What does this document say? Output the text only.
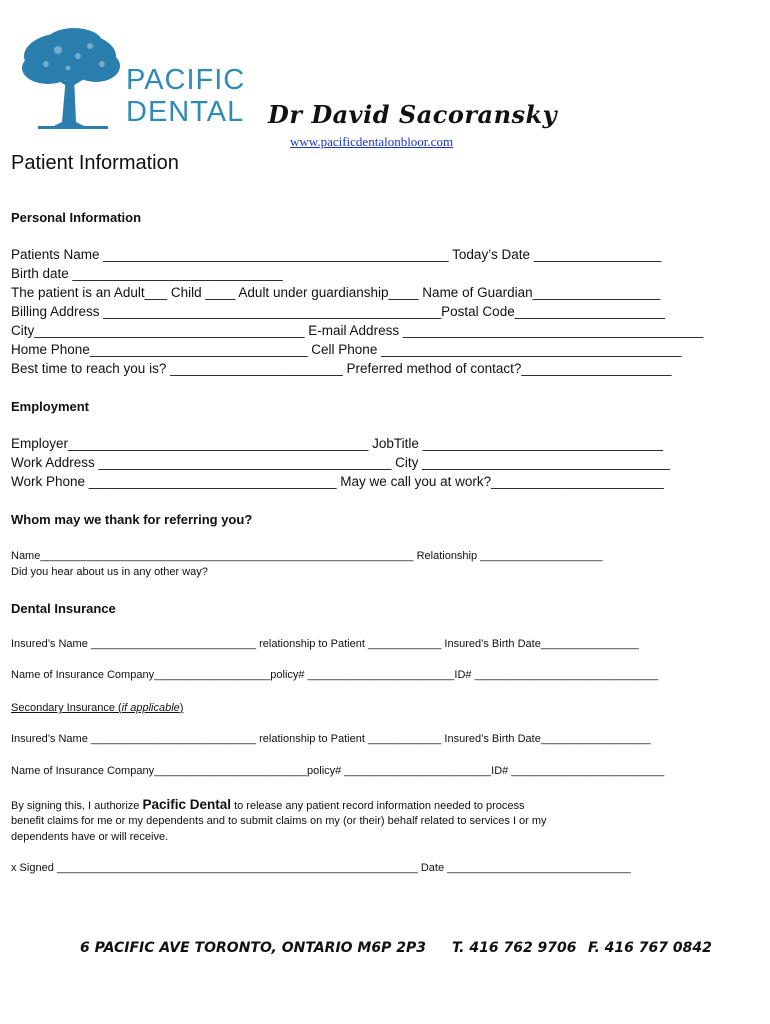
PACIFIC
DENTAL Dr David Sacoransky
www.pacificdentalonbloor.com
Patient Information
Personal Information
Patients Name ______________________________________________ Today’s Date _________________
Birth date ____________________________
The patient is an Adult___ Child ____ Adult under guardianship____ Name of Guardian_________________
Billing Address _____________________________________________Postal Code____________________
City____________________________________ E-mail Address ________________________________________
Home Phone_____________________________ Cell Phone ________________________________________
Best time to reach you is? _______________________ Preferred method of contact?____________________
Employment
Employer________________________________________ JobTitle ________________________________
Work Address _______________________________________ City _________________________________
Work Phone _________________________________ May we call you at work?_______________________
Whom may we thank for referring you?
Name_____________________________________________________________ Relationship ____________________
Did you hear about us in any other way?
Dental Insurance
Insured’s Name ___________________________ relationship to Patient ____________ Insured’s Birth Date________________
Name of Insurance Company___________________policy# ________________________ID# ______________________________
Secondary Insurance (if applicable)
Insured’s Name ___________________________ relationship to Patient ____________ Insured’s Birth Date__________________
Name of Insurance Company_________________________policy# ________________________ID# _________________________
By signing this, I authorize Pacific Dental to release any patient record information needed to process
benefit claims for me or my dependents and to submit claims on my (or their) behalf related to services I or my
dependents have or will receive.
x Signed ___________________________________________________________ Date ______________________________
6 PACIFIC AVE TORONTO, ONTARIO M6P 2P3 T. 416 762 9706 F. 416 767 0842
